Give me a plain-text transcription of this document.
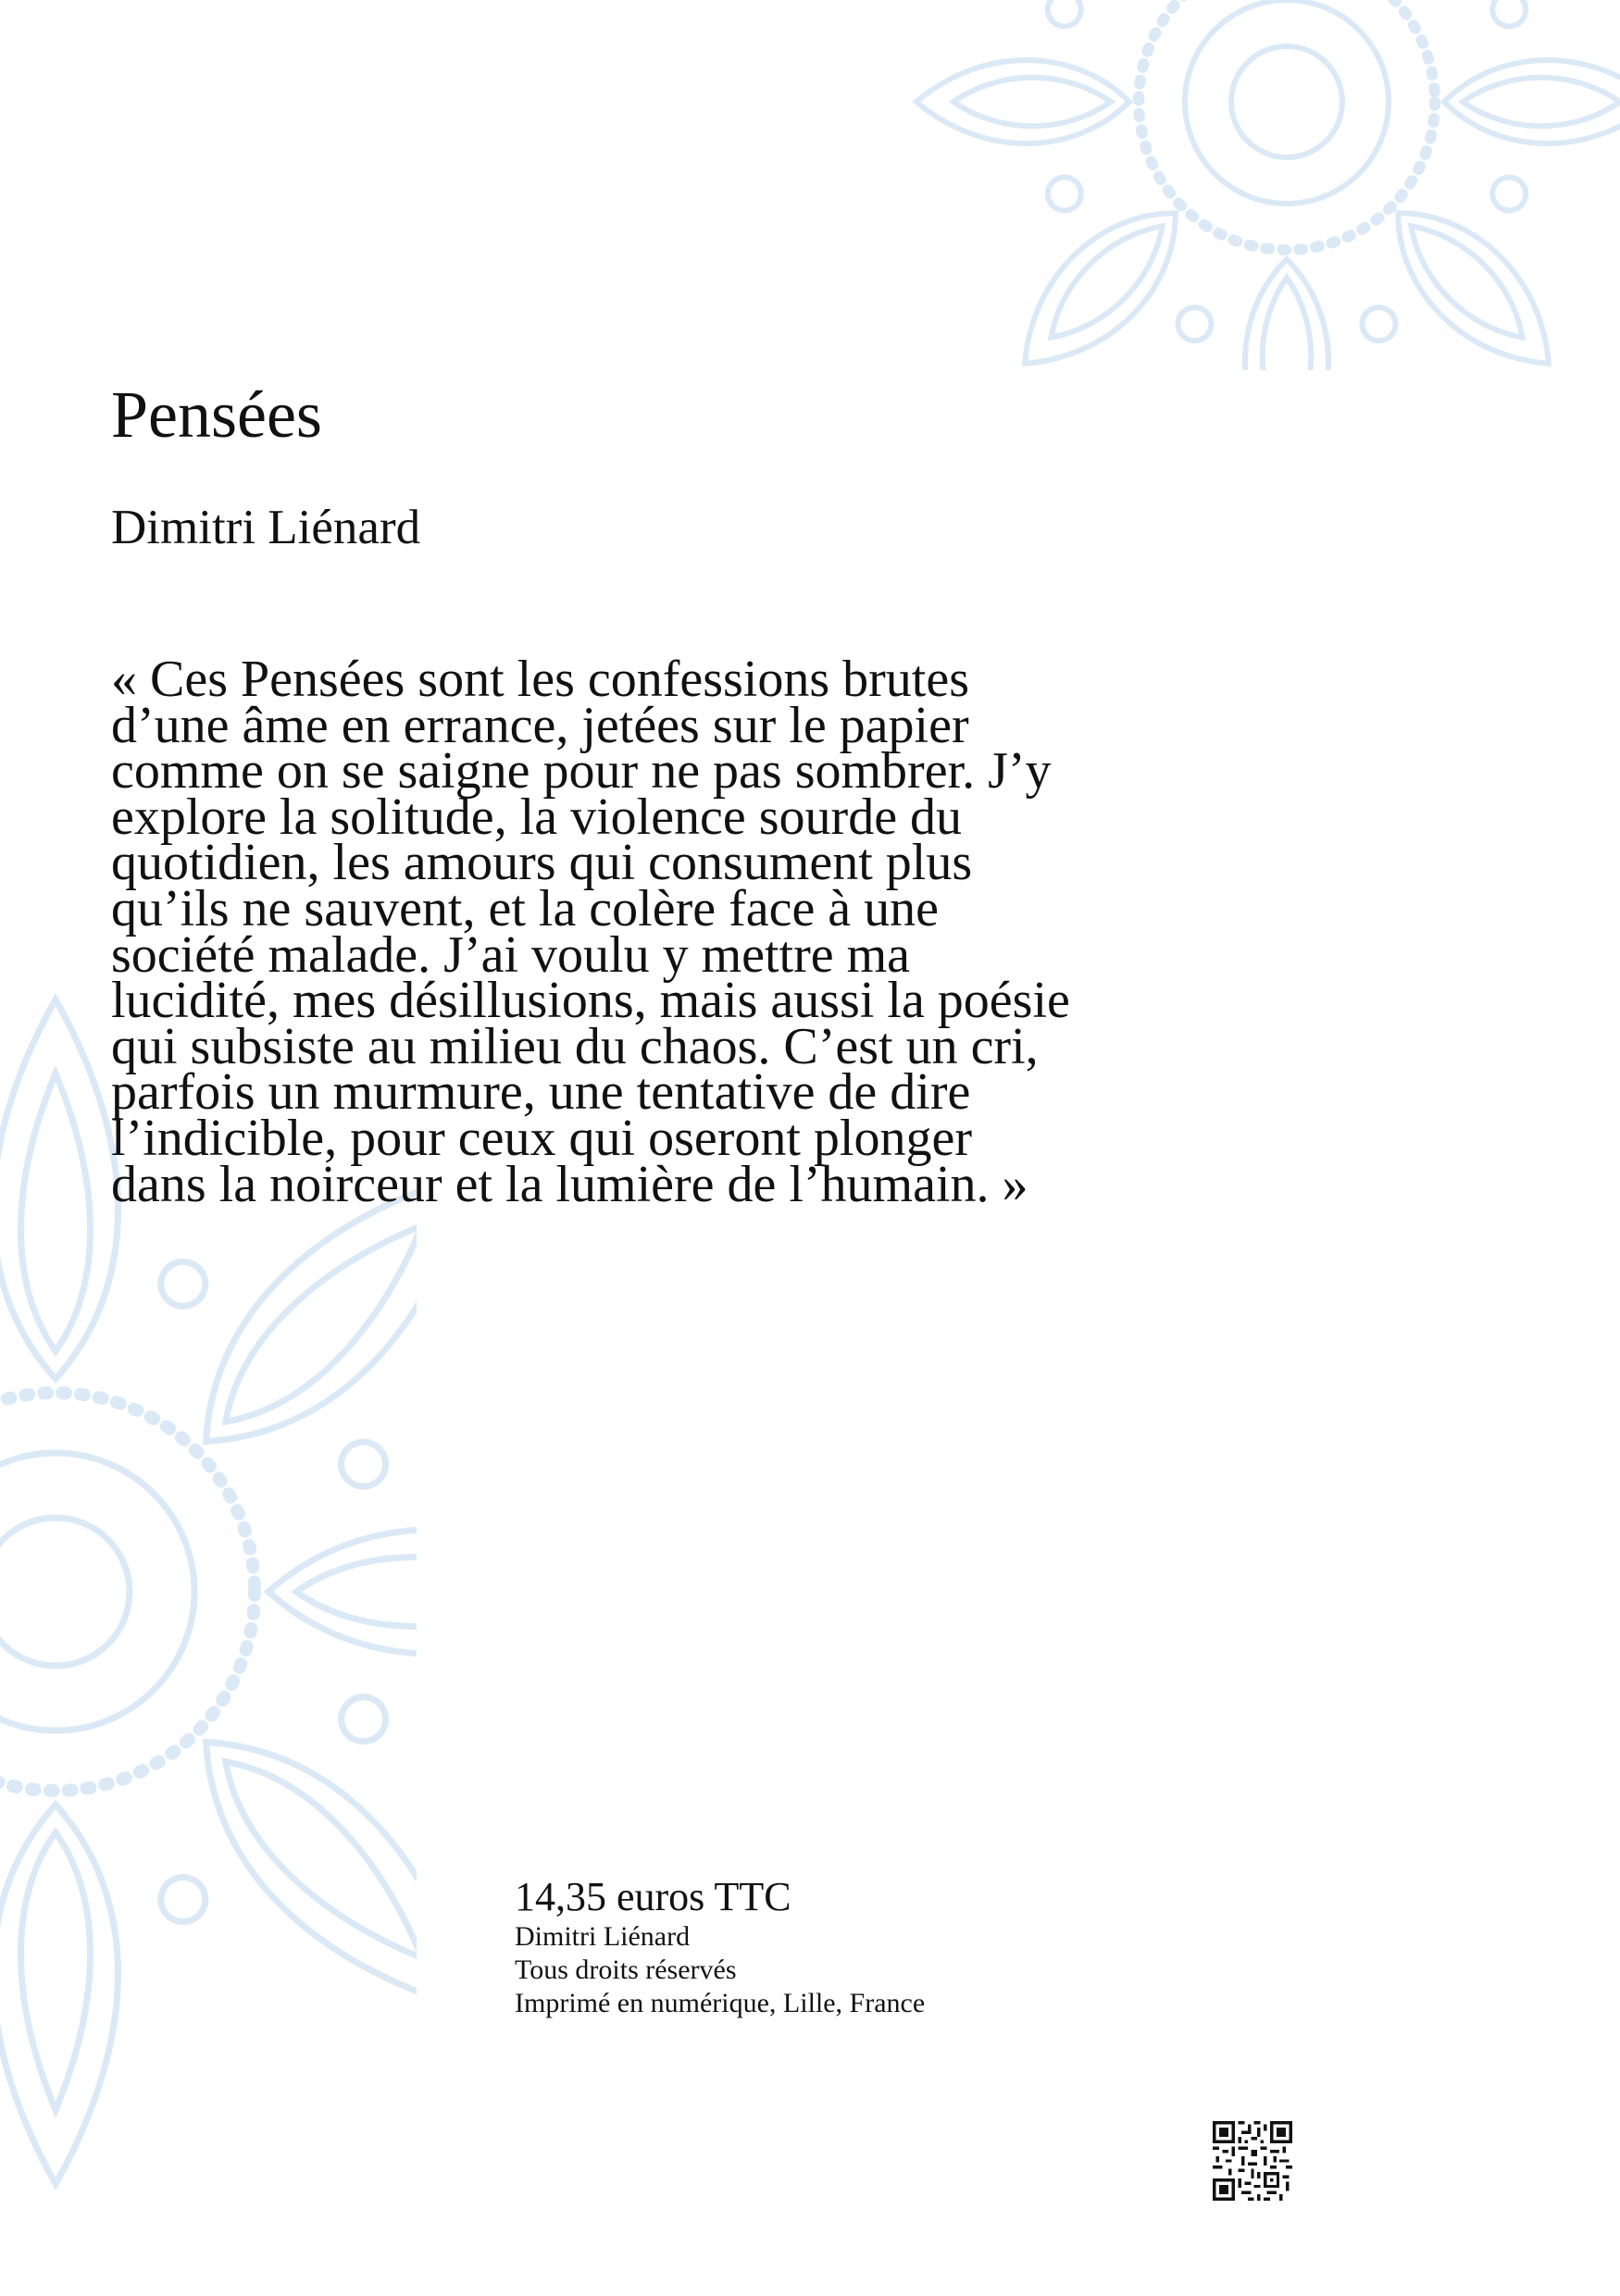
Pensées
Dimitri Liénard
« Ces Pensées sont les confessions brutes
d’une âme en errance, jetées sur le papier
comme on se saigne pour ne pas sombrer. J’y
explore la solitude, la violence sourde du
quotidien, les amours qui consument plus
qu’ils ne sauvent, et la colère face à une
société malade. J’ai voulu y mettre ma
lucidité, mes désillusions, mais aussi la poésie
qui subsiste au milieu du chaos. C’est un cri,
parfois un murmure, une tentative de dire
l’indicible, pour ceux qui oseront plonger
dans la noirceur et la lumière de l’humain. »
14,35 euros TTC
Dimitri Liénard
Tous droits réservés
Imprimé en numérique, Lille, France
